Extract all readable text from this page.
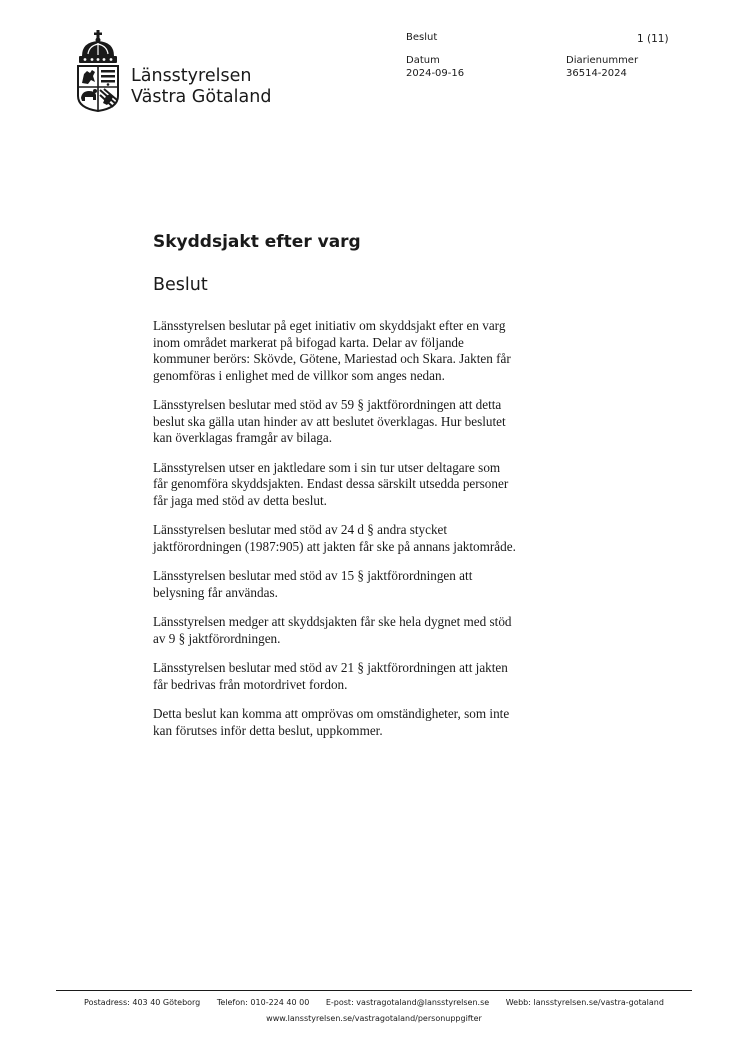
Länsstyrelsen
Västra Götaland
Beslut	1 (11)
Datum
2024-09-16
Diarienummer
36514-2024
Skyddsjakt efter varg
Beslut

Länsstyrelsen beslutar på eget initiativ om skyddsjakt efter en varg
inom området markerat på bifogad karta. Delar av följande
kommuner berörs: Skövde, Götene, Mariestad och Skara. Jakten får
genomföras i enlighet med de villkor som anges nedan.

Länsstyrelsen beslutar med stöd av 59 § jaktförordningen att detta
beslut ska gälla utan hinder av att beslutet överklagas. Hur beslutet
kan överklagas framgår av bilaga.

Länsstyrelsen utser en jaktledare som i sin tur utser deltagare som
får genomföra skyddsjakten. Endast dessa särskilt utsedda personer
får jaga med stöd av detta beslut.

Länsstyrelsen beslutar med stöd av 24 d § andra stycket
jaktförordningen (1987:905) att jakten får ske på annans jaktområde.

Länsstyrelsen beslutar med stöd av 15 § jaktförordningen att
belysning får användas.

Länsstyrelsen medger att skyddsjakten får ske hela dygnet med stöd
av 9 § jaktförordningen.

Länsstyrelsen beslutar med stöd av 21 § jaktförordningen att jakten
får bedrivas från motordrivet fordon.

Detta beslut kan komma att omprövas om omständigheter, som inte
kan förutses inför detta beslut, uppkommer.

Postadress: 403 40 Göteborg Telefon: 010-224 40 00 E-post: vastragotaland@lansstyrelsen.se Webb: lansstyrelsen.se/vastra-gotaland
www.lansstyrelsen.se/vastragotaland/personuppgifter
